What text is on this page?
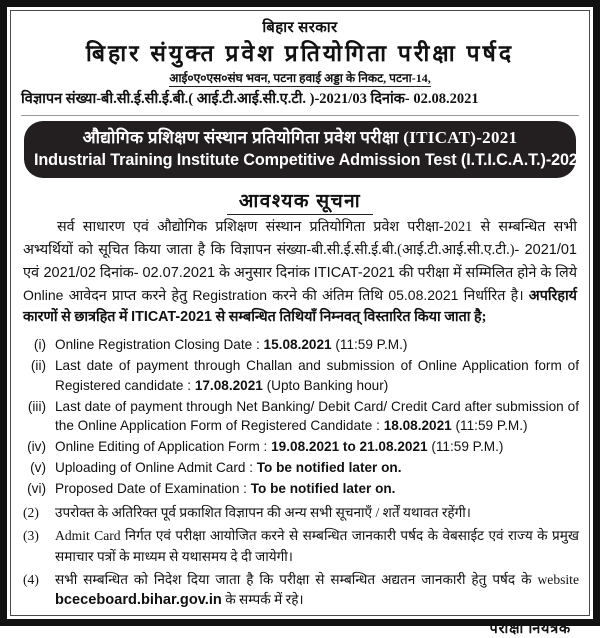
बिहार सरकार
बिहार संयुक्त प्रवेश प्रतियोगिता परीक्षा पर्षद
आई०ए०एस०संघ भवन, पटना हवाई अड्डा के निकट, पटना-14,
विज्ञापन संख्या-बी.सी.ई.सी.ई.बी.( आई.टी.आई.सी.ए.टी. )-2021/03 दिनांक- 02.08.2021
औद्योगिक प्रशिक्षण संस्थान प्रतियोगिता प्रवेश परीक्षा (ITICAT)-2021
Industrial Training Institute Competitive Admission Test (I.T.I.C.A.T.)-2021
आवश्यक सूचना

सर्व साधारण एवं औद्योगिक प्रशिक्षण संस्थान प्रतियोगिता प्रवेश परीक्षा-2021 से सम्बन्धित सभी अभ्यर्थियों को सूचित किया जाता है कि विज्ञापन संख्या-बी.सी.ई.सी.ई.बी.(आई.टी.आई.सी.ए.टी.)- 2021/01 एवं 2021/02 दिनांक- 02.07.2021 के अनुसार दिनांक ITICAT-2021 की परीक्षा में सम्मिलित होने के लिये Online आवेदन प्राप्त करने हेतु Registration करने की अंतिम तिथि 05.08.2021 निर्धारित है। अपरिहार्य कारणों से छात्रहित में ITICAT-2021 से सम्बन्धित तिथियाँ निम्नवत् विस्तारित किया जाता है;

(i) Online Registration Closing Date : 15.08.2021 (11:59 P.M.)
(ii) Last date of payment through Challan and submission of Online Application form of Registered candidate : 17.08.2021 (Upto Banking hour)
(iii) Last date of payment through Net Banking/ Debit Card/ Credit Card after submission of the Online Application Form of Registered Candidate : 18.08.2021 (11:59 P.M.)
(iv) Online Editing of Application Form : 19.08.2021 to 21.08.2021 (11:59 P.M.)
(v) Uploading of Online Admit Card : To be notified later on.
(vi) Proposed Date of Examination : To be notified later on.
(2)	उपरोक्त के अतिरिक्त पूर्व प्रकाशित विज्ञापन की अन्य सभी सूचनाएँ / शर्तें यथावत रहेंगी।
(3)	Admit Card निर्गत एवं परीक्षा आयोजित करने से सम्बन्धित जानकारी पर्षद के वेबसाईट एवं राज्य के प्रमुख समाचार पत्रों के माध्यम से यथासमय दे दी जायेगी।
(4)	सभी सम्बन्धित को निदेश दिया जाता है कि परीक्षा से सम्बन्धित अद्यतन जानकारी हेतु पर्षद के website bceceboard.bihar.gov.in के सम्पर्क में रहे।
परीक्षा नियंत्रक
